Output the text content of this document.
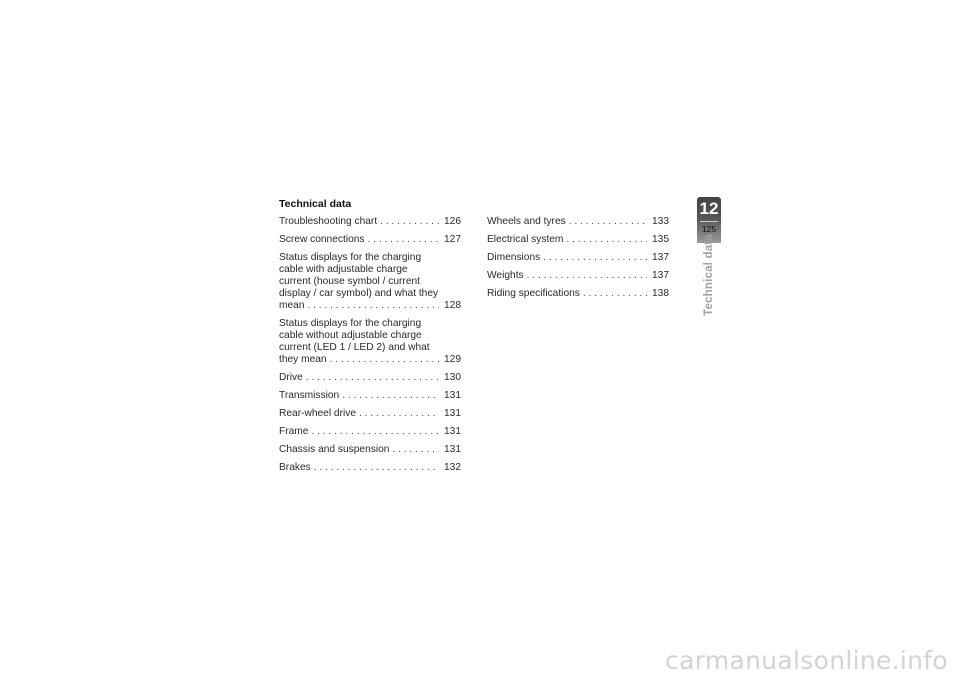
Technical data
Troubleshooting chart . . .	126
Screw connections . . .	127
Status displays for the charging
cable with adjustable charge
current (house symbol / current
display / car symbol) and what they
mean . . .	128
Status displays for the charging
cable without adjustable charge
current (LED 1 / LED 2) and what
they mean . . .	129
Drive . . .	130
Transmission . . .	131
Rear-wheel drive . . .	131
Frame . . .	131
Chassis and suspension . . .	131
Brakes . . .	132
Wheels and tyres . . .	133
Electrical system . . .	135
Dimensions . . .	137
Weights . . .	137
Riding specifications . . .	138
12
125
Technical data
carmanualsonline.info
